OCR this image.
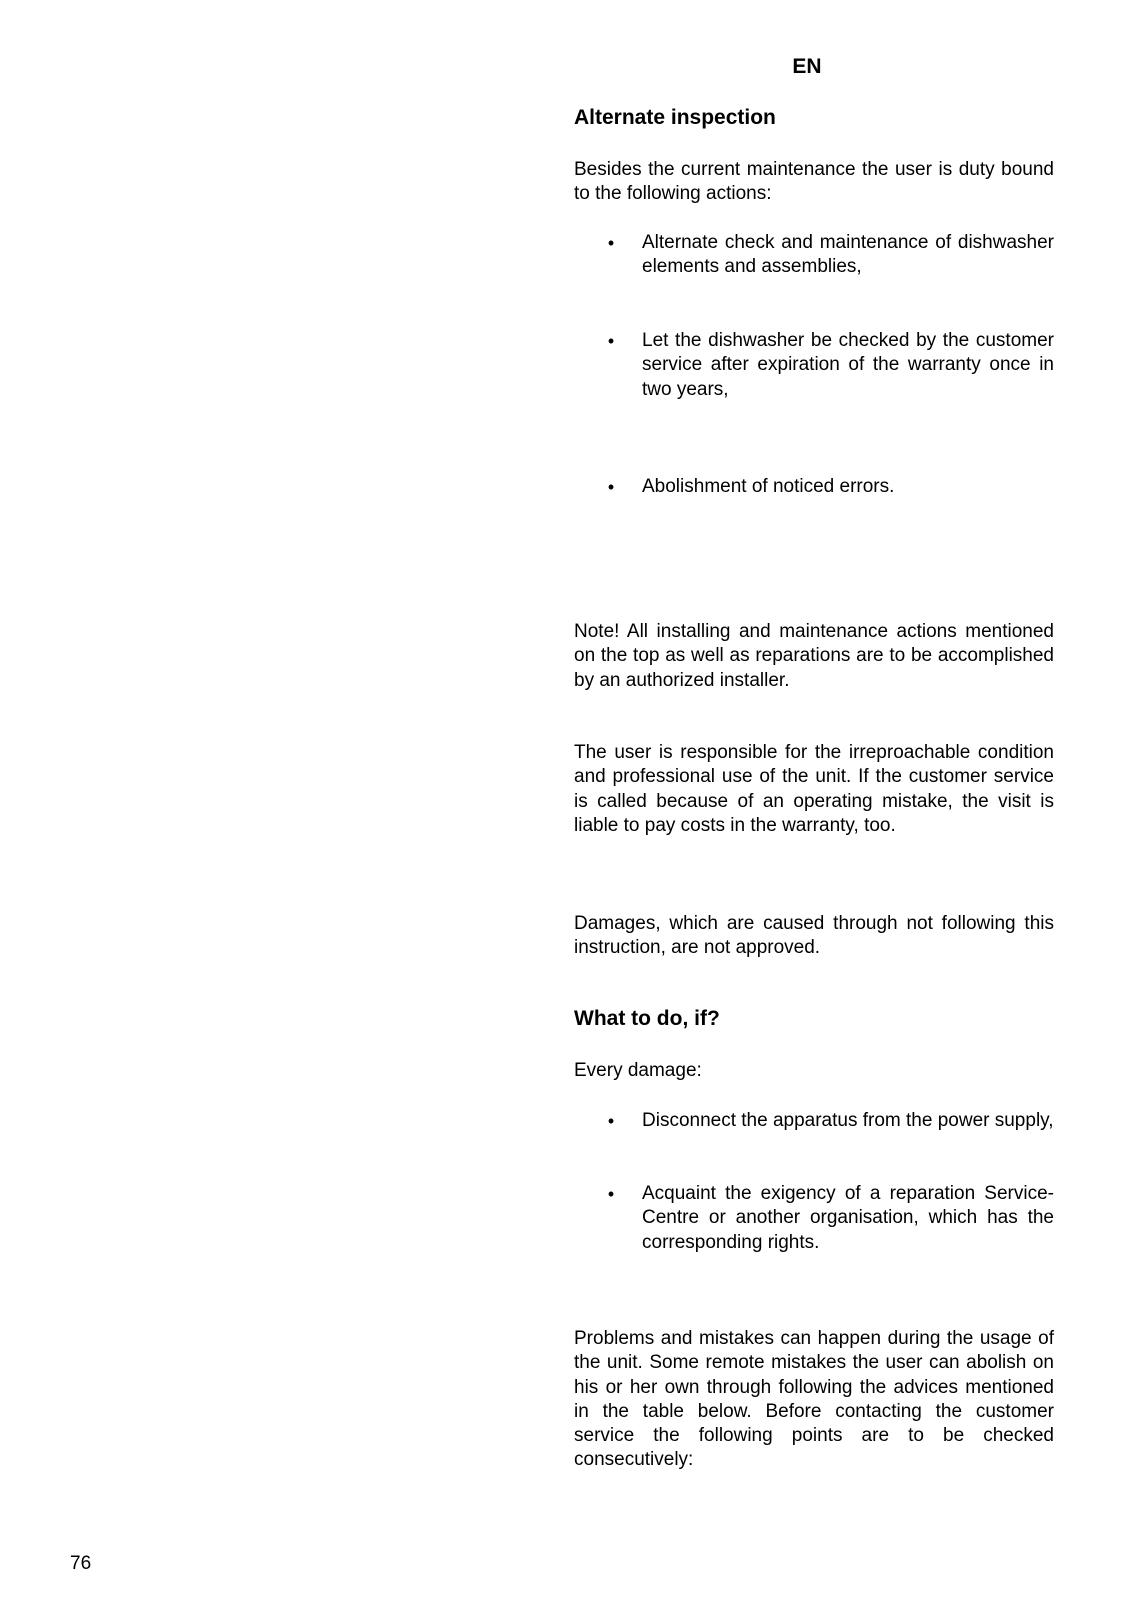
EN
Alternate inspection

Besides the current maintenance the user is duty bound to the following actions:

• Alternate check and maintenance of dishwasher elements and assemblies,
• Let the dishwasher be checked by the customer service after expiration of the warranty once in two years,
• Abolishment of noticed errors.

Note! All installing and maintenance actions mentioned on the top as well as reparations are to be accomplished by an authorized installer.

The user is responsible for the irreproachable condition and professional use of the unit. If the customer service is called because of an operating mistake, the visit is liable to pay costs in the warranty, too.

Damages, which are caused through not following this instruction, are not approved.

What to do, if?

Every damage:

• Disconnect the apparatus from the power supply,
• Acquaint the exigency of a reparation Service-Centre or another organisation, which has the corresponding rights.

Problems and mistakes can happen during the usage of the unit. Some remote mistakes the user can abolish on his or her own through following the advices mentioned in the table below. Before contacting the customer service the following points are to be checked consecutively:

76
